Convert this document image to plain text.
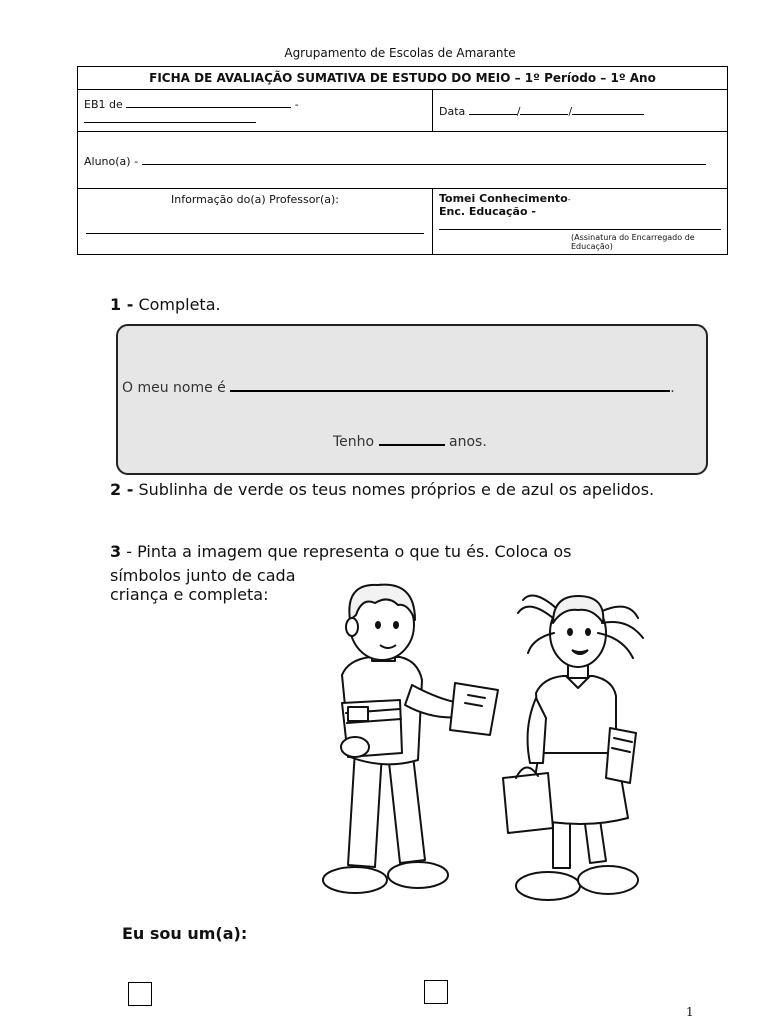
Agrupamento de Escolas de Amarante
FICHA DE AVALIAÇÃO SUMATIVA DE ESTUDO DO MEIO – 1º Período – 1º Ano	
EB1 de -	Data / /
Aluno(a) -	

Informação do(a) Professor(a):	Tomei Conhecimento-
Enc. Educação -
(Assinatura do Encarregado de Educação)
1 - Completa.
O meu nome é	.
Tenho	anos.
2 - Sublinha de verde os teus nomes próprios e de azul os apelidos.
3 - Pinta a imagem que representa o que tu és. Coloca os
símbolos junto de cada criança e completa:
Eu sou um(a):
1
